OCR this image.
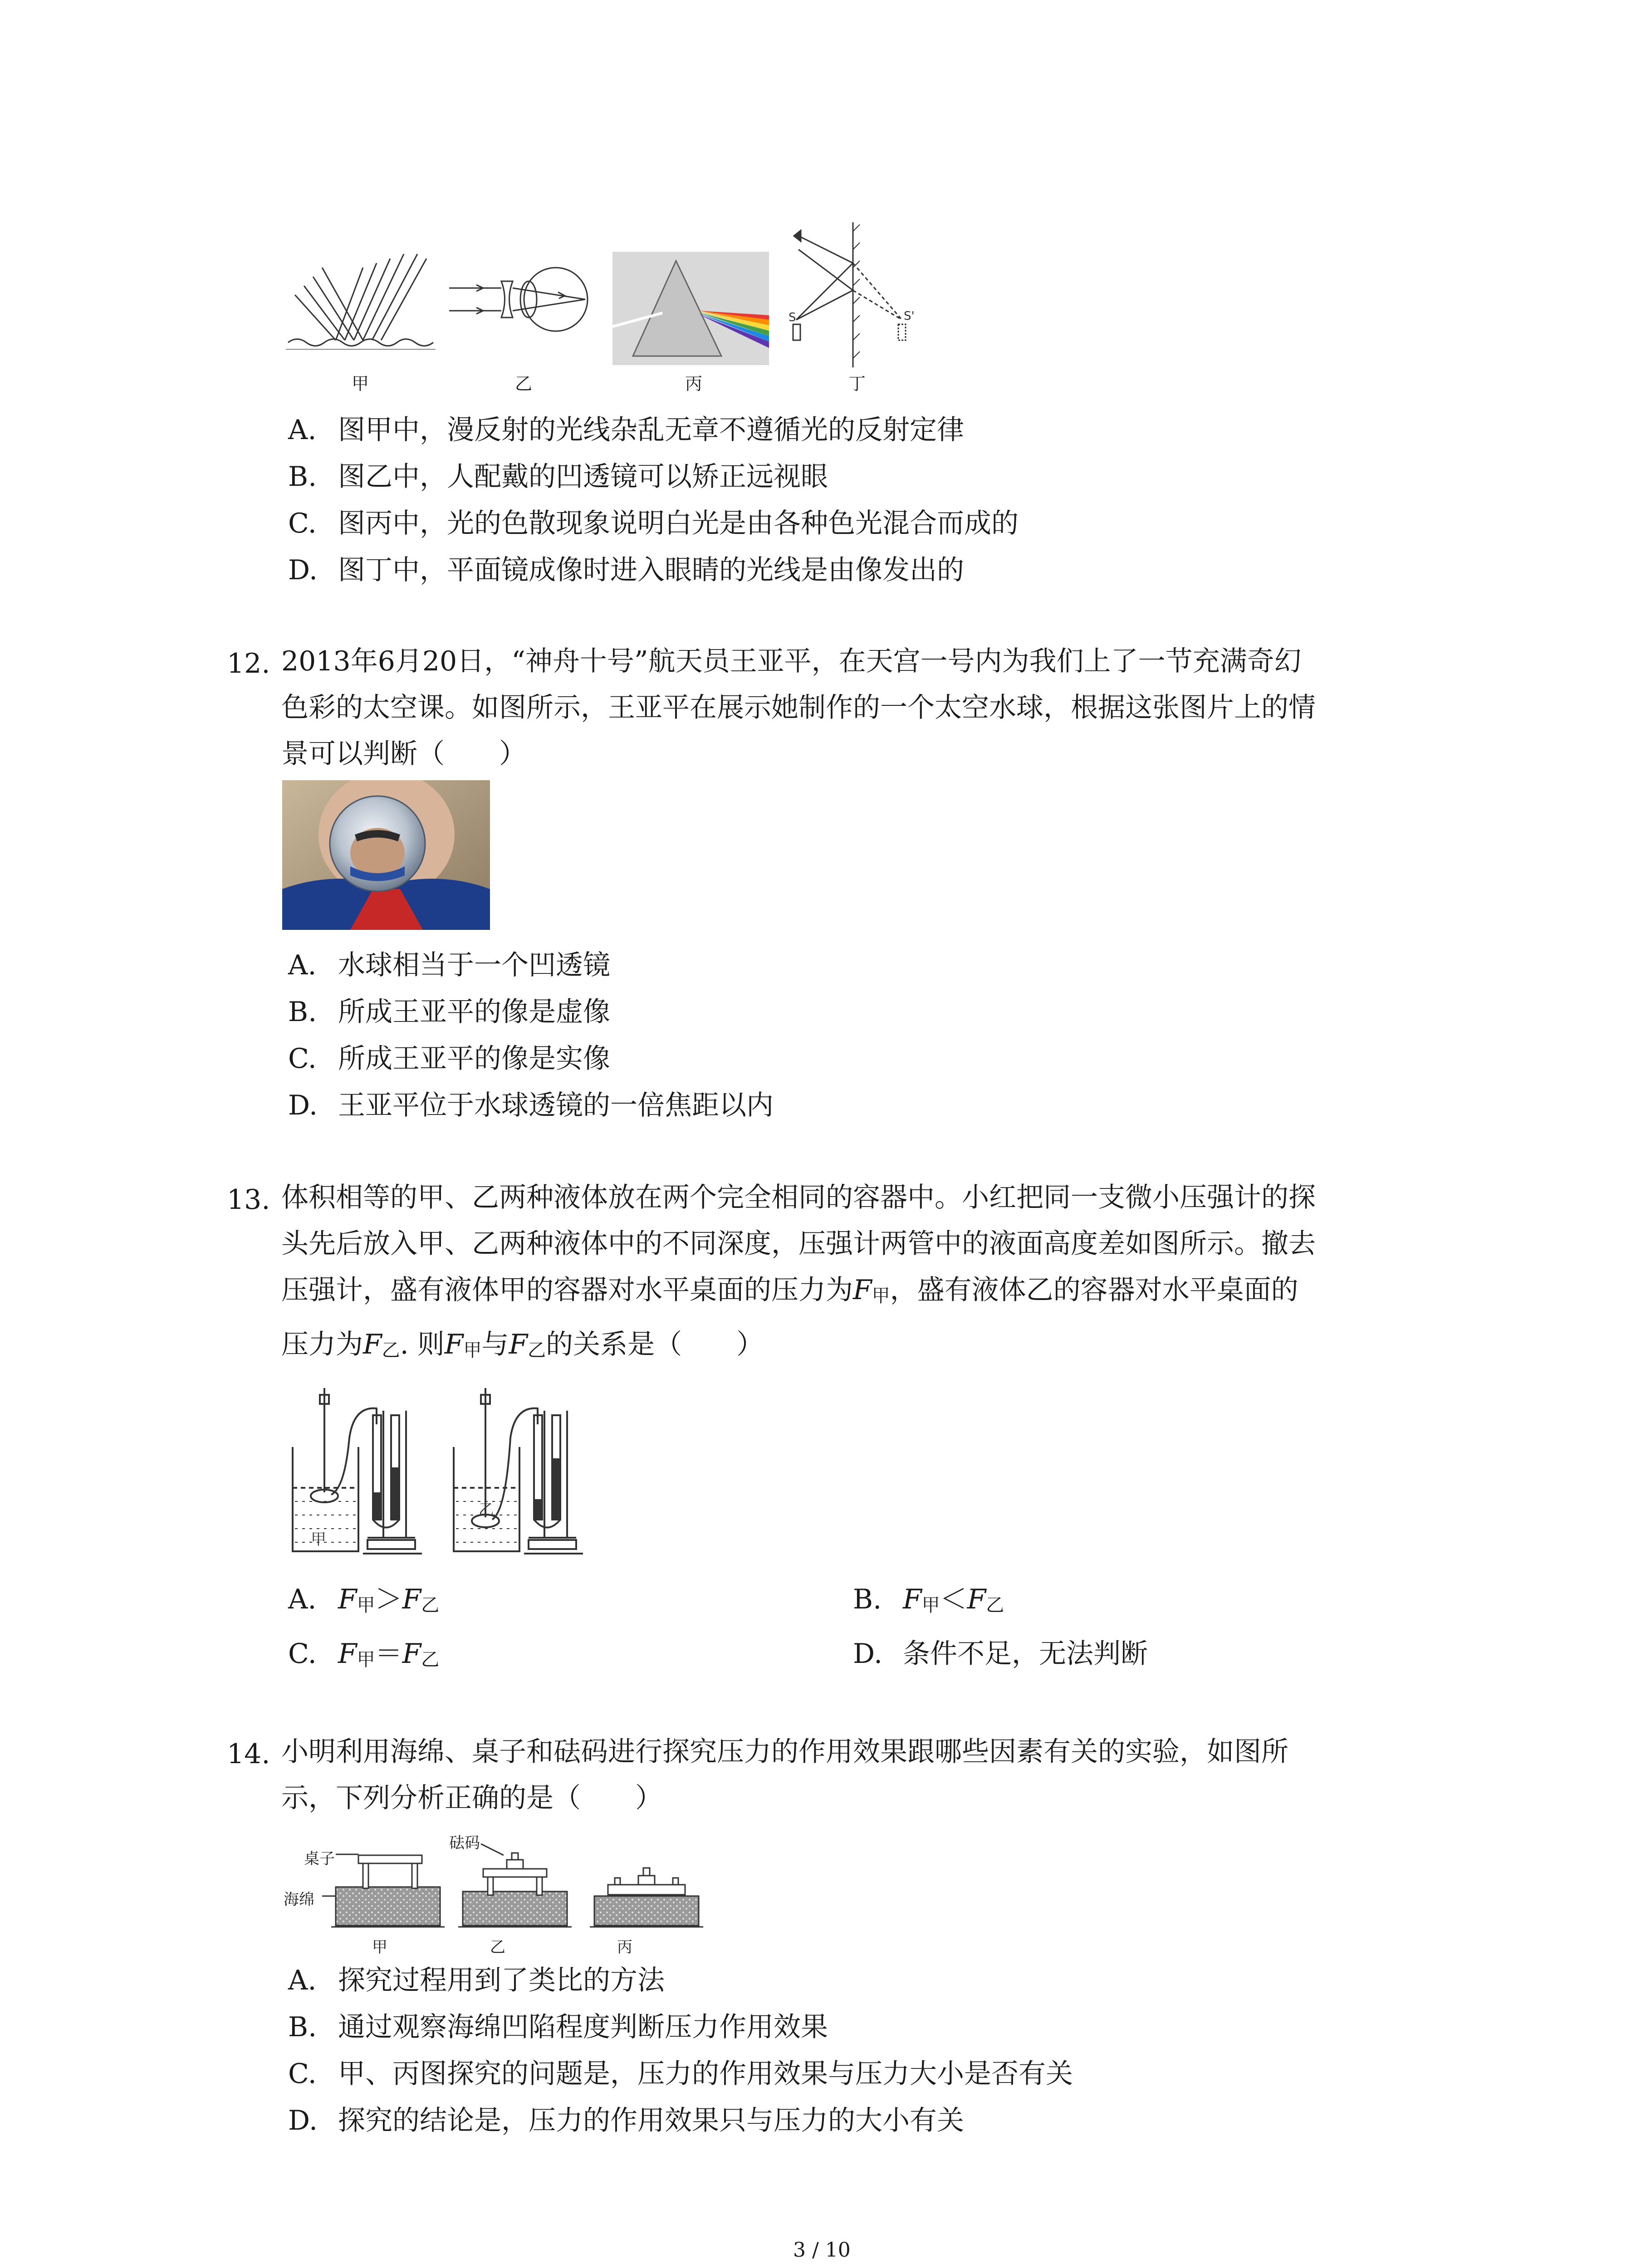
甲	乙	丙
S	S'
丁
A. 图甲中，漫反射的光线杂乱无章不遵循光的反射定律
B. 图乙中，人配戴的凹透镜可以矫正远视眼
C. 图丙中，光的色散现象说明白光是由各种色光混合而成的
D. 图丁中，平面镜成像时进入眼睛的光线是由像发出的
12. 2013年6月20日，“神舟十号”航天员王亚平，在天宫一号内为我们上了一节充满奇幻
色彩的太空课。如图所示，王亚平在展示她制作的一个太空水球，根据这张图片上的情
景可以判断（　　）
A. 水球相当于一个凹透镜
B. 所成王亚平的像是虚像
C. 所成王亚平的像是实像
D. 王亚平位于水球透镜的一倍焦距以内
13. 体积相等的甲、乙两种液体放在两个完全相同的容器中。小红把同一支微小压强计的探
头先后放入甲、乙两种液体中的不同深度，压强计两管中的液面高度差如图所示。撤去
压强计，盛有液体甲的容器对水平桌面的压力为$F_甲$，盛有液体乙的容器对水平桌面的
压力为$F_乙$. 则$F_甲$与$F_乙$的关系是（　　）
甲
乙
A. $F_甲>F_乙$	B. $F_甲<F_乙$
C. $F_甲=F_乙$	D. 条件不足，无法判断
14. 小明利用海绵、桌子和砝码进行探究压力的作用效果跟哪些因素有关的实验，如图所
示，下列分析正确的是（　　）
桌子
砝码
海绵
甲	乙	丙
A. 探究过程用到了类比的方法
B. 通过观察海绵凹陷程度判断压力作用效果
C. 甲、丙图探究的问题是，压力的作用效果与压力大小是否有关
D. 探究的结论是，压力的作用效果只与压力的大小有关
3 / 10
